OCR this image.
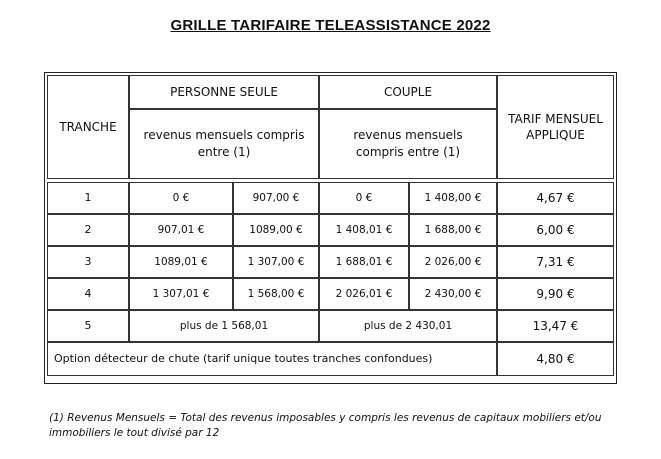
GRILLE TARIFAIRE TELEASSISTANCE 2022
TRANCHE	PERSONNE SEULE		COUPLE		TARIF MENSUEL APPLIQUE
	revenus mensuels compris entre (1)		revenus mensuels compris entre (1)		

1	0 €	907,00 €	0 €	1 408,00 €	4,67 €
2	907,01 €	1089,00 €	1 408,01 €	1 688,00 €	6,00 €
3	1089,01 €	1 307,00 €	1 688,01 €	2 026,00 €	7,31 €
4	1 307,01 €	1 568,00 €	2 026,01 €	2 430,00 €	9,90 €
5	plus de 1 568,01		plus de 2 430,01		13,47 €
Option détecteur de chute (tarif unique toutes tranches confondues)					4,80 €
(1) Revenus Mensuels = Total des revenus imposables y compris les revenus de capitaux mobiliers et/ou immobiliers le tout divisé par 12
